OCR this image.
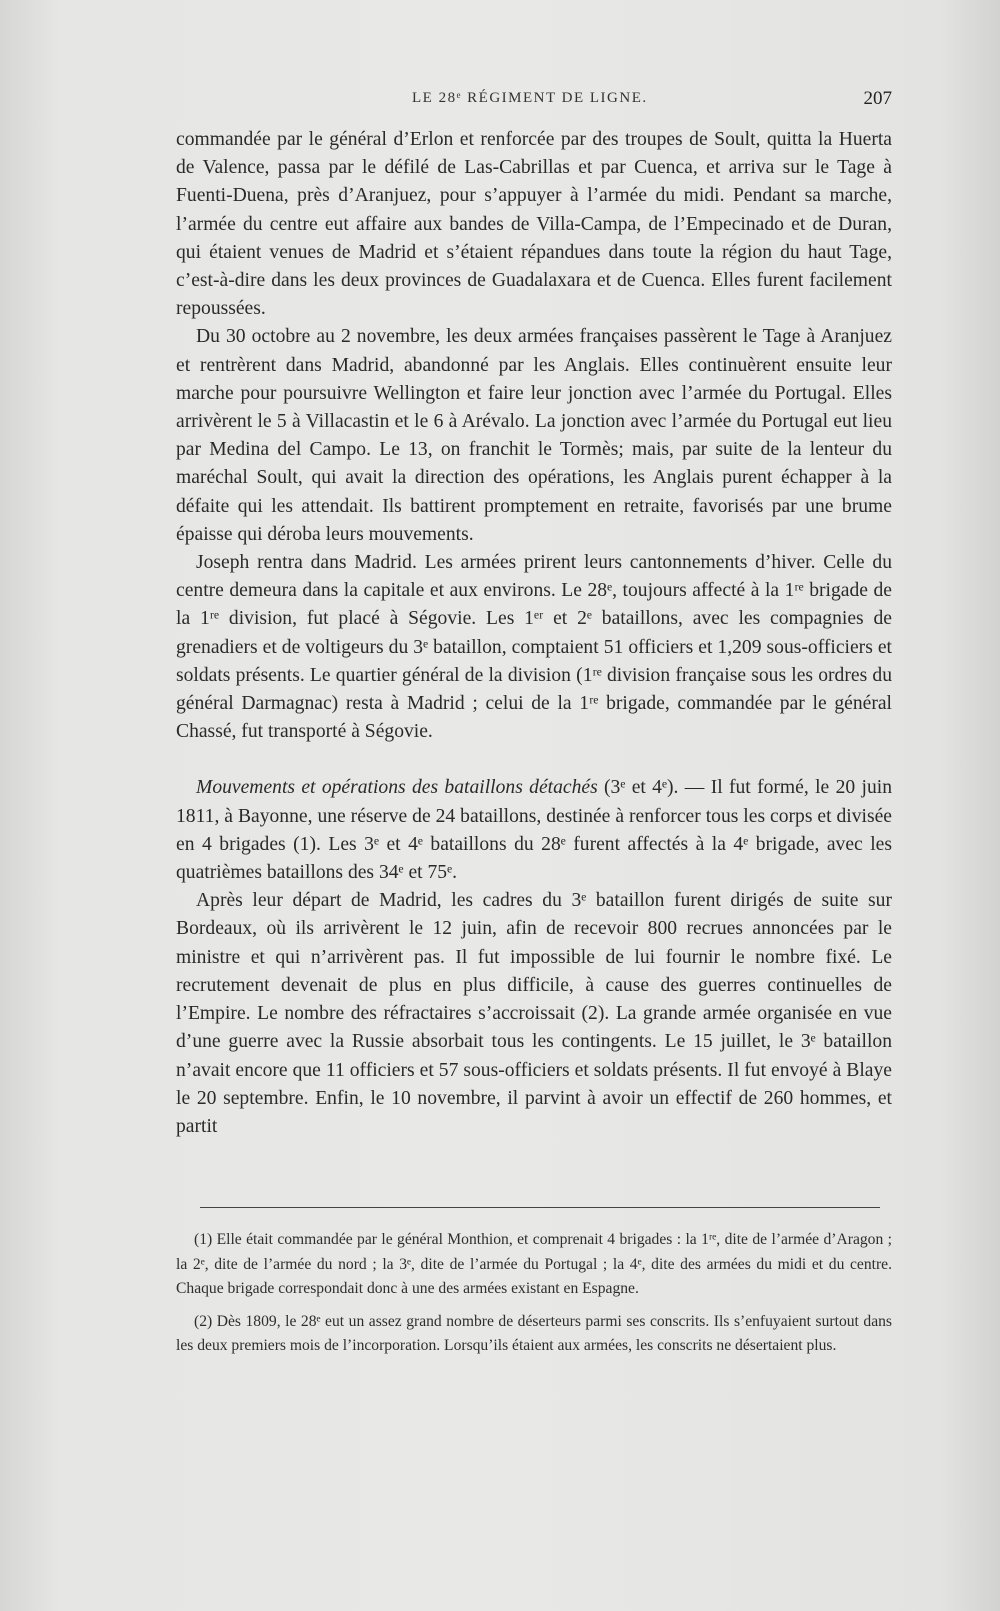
LE 28ᵉ RÉGIMENT DE LIGNE.	207

commandée par le général d’Erlon et renforcée par des troupes de Soult, quitta la Huerta de Valence, passa par le défilé de Las-Cabrillas et par Cuenca, et arriva sur le Tage à Fuenti-Duena, près d’Aranjuez, pour s’appuyer à l’armée du midi. Pendant sa marche, l’armée du centre eut affaire aux bandes de Villa-Campa, de l’Empecinado et de Duran, qui étaient venues de Madrid et s’étaient répandues dans toute la région du haut Tage, c’est-à-dire dans les deux provinces de Guadalaxara et de Cuenca. Elles furent facilement repoussées.

Du 30 octobre au 2 novembre, les deux armées françaises passèrent le Tage à Aranjuez et rentrèrent dans Madrid, abandonné par les Anglais. Elles continuèrent ensuite leur marche pour poursuivre Wellington et faire leur jonction avec l’armée du Portugal. Elles arrivèrent le 5 à Villacastin et le 6 à Arévalo. La jonction avec l’armée du Portugal eut lieu par Medina del Campo. Le 13, on franchit le Tormès; mais, par suite de la lenteur du maréchal Soult, qui avait la direction des opérations, les Anglais purent échapper à la défaite qui les attendait. Ils battirent promptement en retraite, favorisés par une brume épaisse qui déroba leurs mouvements.

Joseph rentra dans Madrid. Les armées prirent leurs cantonnements d’hiver. Celle du centre demeura dans la capitale et aux environs. Le 28ᵉ, toujours affecté à la 1ʳᵉ brigade de la 1ʳᵉ division, fut placé à Ségovie. Les 1ᵉʳ et 2ᵉ bataillons, avec les compagnies de grenadiers et de voltigeurs du 3ᵉ bataillon, comptaient 51 officiers et 1,209 sous-officiers et soldats présents. Le quartier général de la division (1ʳᵉ division française sous les ordres du général Darmagnac) resta à Madrid ; celui de la 1ʳᵉ brigade, commandée par le général Chassé, fut transporté à Ségovie.

Mouvements et opérations des bataillons détachés (3ᵉ et 4ᵉ). — Il fut formé, le 20 juin 1811, à Bayonne, une réserve de 24 bataillons, destinée à renforcer tous les corps et divisée en 4 brigades (1). Les 3ᵉ et 4ᵉ bataillons du 28ᵉ furent affectés à la 4ᵉ brigade, avec les quatrièmes bataillons des 34ᵉ et 75ᵉ.

Après leur départ de Madrid, les cadres du 3ᵉ bataillon furent dirigés de suite sur Bordeaux, où ils arrivèrent le 12 juin, afin de recevoir 800 recrues annoncées par le ministre et qui n’arrivèrent pas. Il fut impossible de lui fournir le nombre fixé. Le recrutement devenait de plus en plus difficile, à cause des guerres continuelles de l’Empire. Le nombre des réfractaires s’accroissait (2). La grande armée organisée en vue d’une guerre avec la Russie absorbait tous les contingents. Le 15 juillet, le 3ᵉ bataillon n’avait encore que 11 officiers et 57 sous-officiers et soldats présents. Il fut envoyé à Blaye le 20 septembre. Enfin, le 10 novembre, il parvint à avoir un effectif de 260 hommes, et partit

(1) Elle était commandée par le général Monthion, et comprenait 4 brigades : la 1ʳᵉ, dite de l’armée d’Aragon ; la 2ᵉ, dite de l’armée du nord ; la 3ᵉ, dite de l’armée du Portugal ; la 4ᵉ, dite des armées du midi et du centre. Chaque brigade correspondait donc à une des armées existant en Espagne.

(2) Dès 1809, le 28ᵉ eut un assez grand nombre de déserteurs parmi ses conscrits. Ils s’enfuyaient surtout dans les deux premiers mois de l’incorporation. Lorsqu’ils étaient aux armées, les conscrits ne désertaient plus.
